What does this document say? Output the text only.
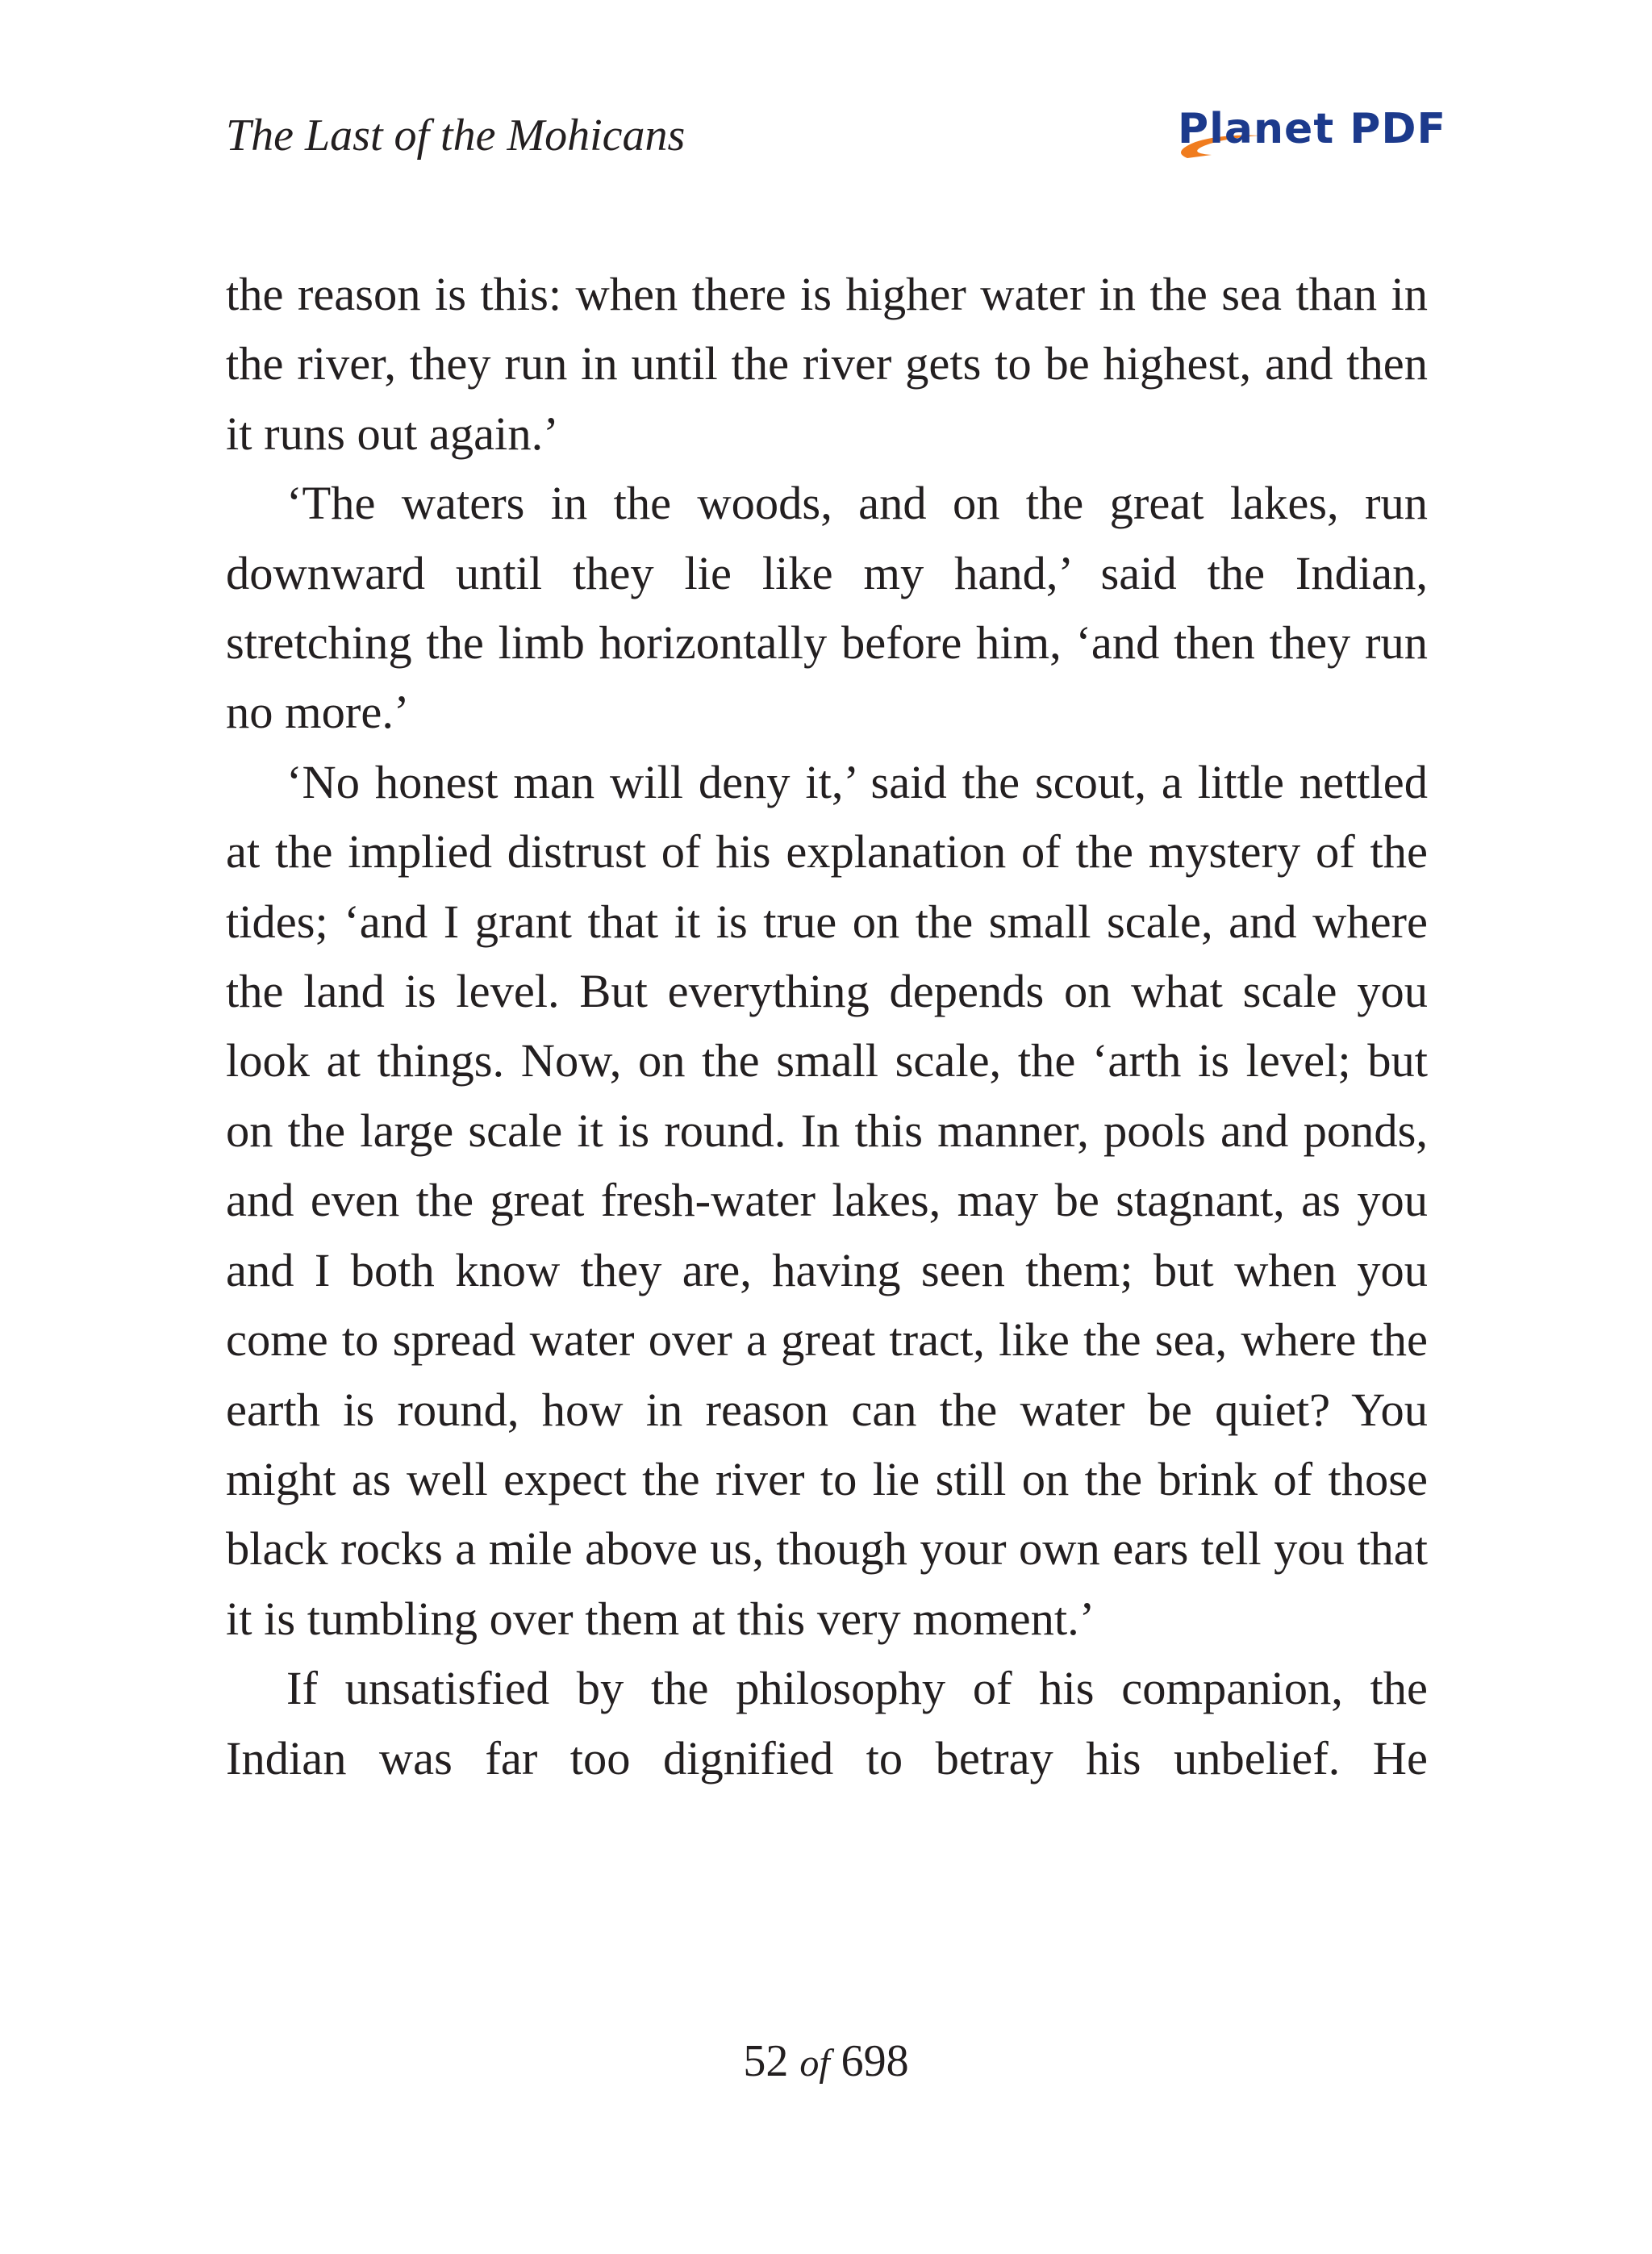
The Last of the Mohicans	Planet PDF

the reason is this: when there is higher water in the sea than in the river, they run in until the river gets to be highest, and then it runs out again.’

‘The waters in the woods, and on the great lakes, run downward until they lie like my hand,’ said the Indian, stretching the limb horizontally before him, ‘and then they run no more.’

‘No honest man will deny it,’ said the scout, a little nettled at the implied distrust of his explanation of the mystery of the tides; ‘and I grant that it is true on the small scale, and where the land is level. But everything depends on what scale you look at things. Now, on the small scale, the ‘arth is level; but on the large scale it is round. In this manner, pools and ponds, and even the great fresh-water lakes, may be stagnant, as you and I both know they are, having seen them; but when you come to spread water over a great tract, like the sea, where the earth is round, how in reason can the water be quiet? You might as well expect the river to lie still on the brink of those black rocks a mile above us, though your own ears tell you that it is tumbling over them at this very moment.’

If unsatisfied by the philosophy of his companion, the Indian was far too dignified to betray his unbelief. He

52 of 698
